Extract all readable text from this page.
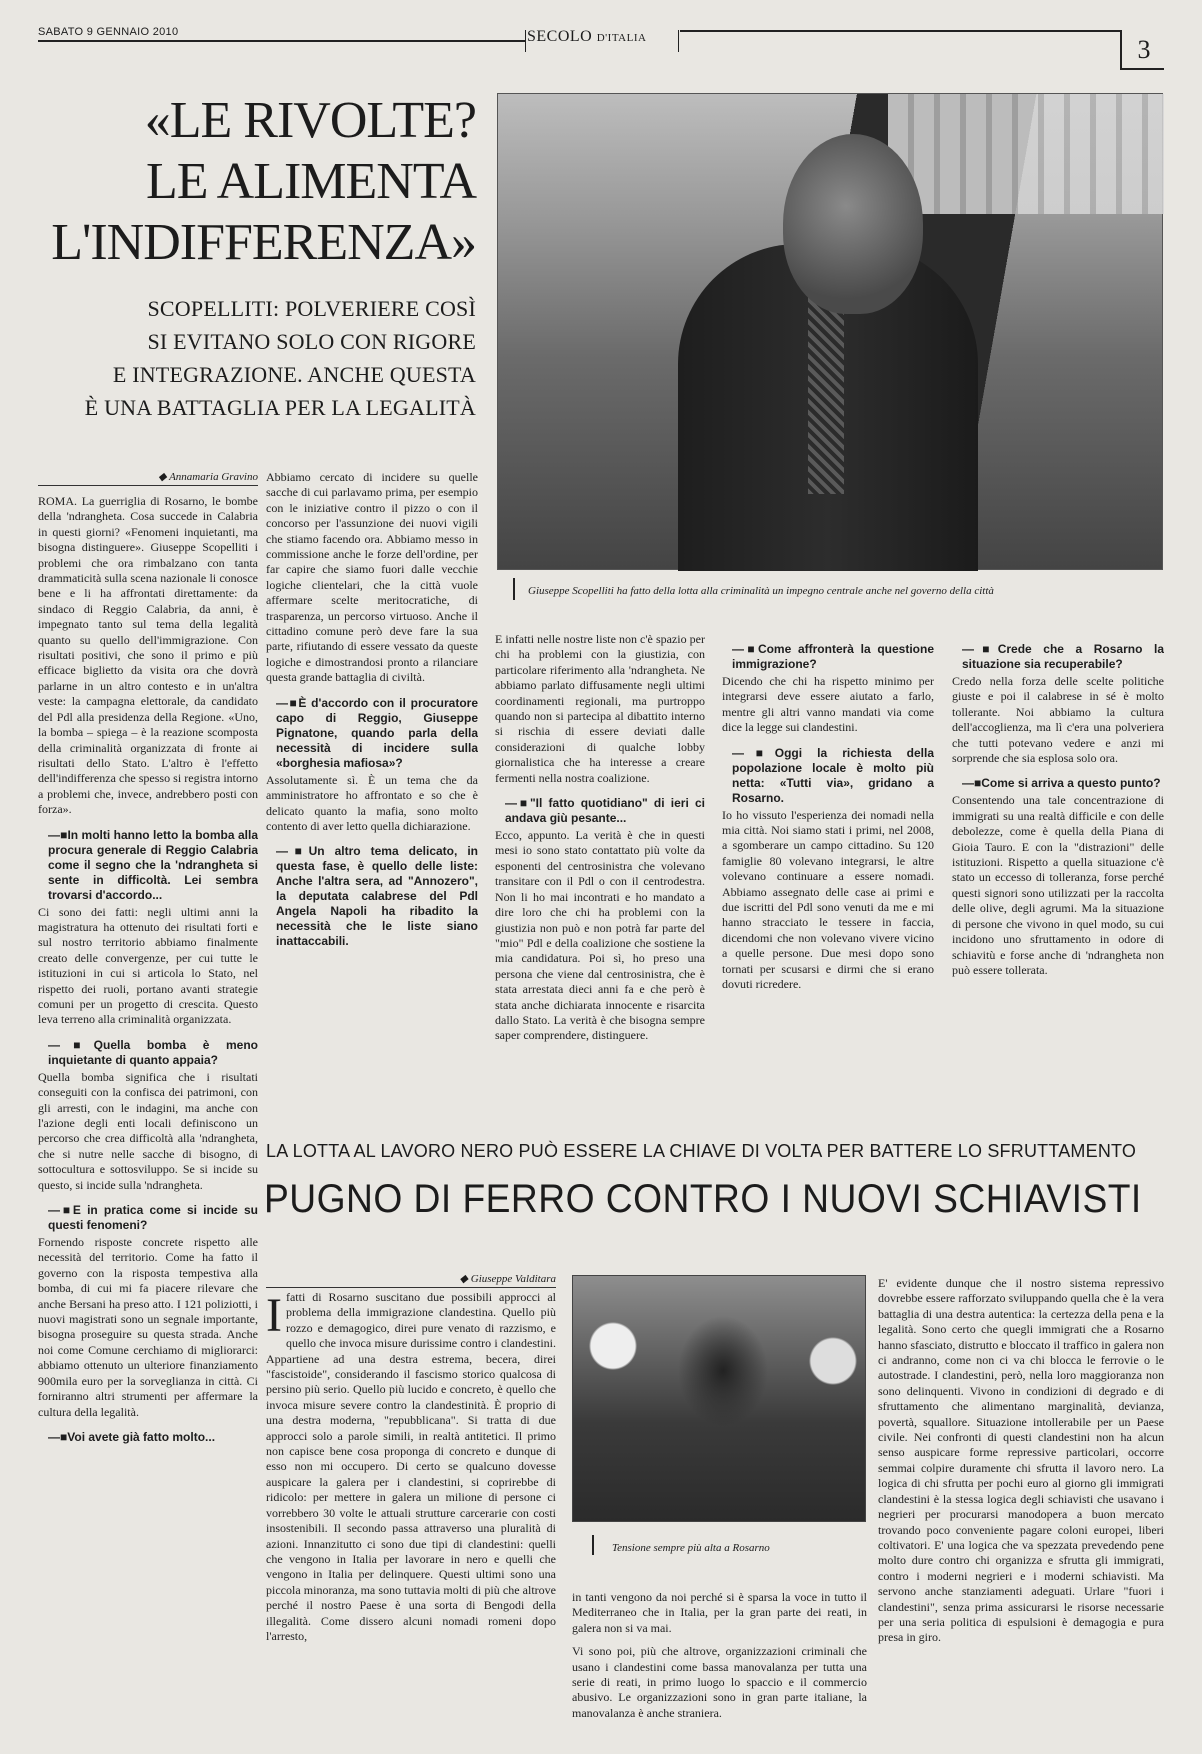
SABATO 9 GENNAIO 2010	SECOLO D'ITALIA	3
«LE RIVOLTE?
LE ALIMENTA
L'INDIFFERENZA»
SCOPELLITI: POLVERIERE COSÌ
SI EVITANO SOLO CON RIGORE
E INTEGRAZIONE. ANCHE QUESTA
È UNA BATTAGLIA PER LA LEGALITÀ
Giuseppe Scopelliti ha fatto della lotta alla criminalità un impegno centrale anche nel governo della città
◆ Annamaria Gravino

ROMA. La guerriglia di Rosarno, le bombe della 'ndrangheta. Cosa succede in Calabria in questi giorni? «Fenomeni inquietanti, ma bisogna distinguere». Giuseppe Scopelliti i problemi che ora rimbalzano con tanta drammaticità sulla scena nazionale li conosce bene e li ha affrontati direttamente: da sindaco di Reggio Calabria, da anni, è impegnato tanto sul tema della legalità quanto su quello dell'immigrazione. Con risultati positivi, che sono il primo e più efficace biglietto da visita ora che dovrà parlarne in un altro contesto e in un'altra veste: la campagna elettorale, da candidato del Pdl alla presidenza della Regione. «Uno, la bomba – spiega – è la reazione scomposta della criminalità organizzata di fronte ai risultati dello Stato. L'altro è l'effetto dell'indifferenza che spesso si registra intorno a problemi che, invece, andrebbero posti con forza».

—■ In molti hanno letto la bomba alla procura generale di Reggio Calabria come il segno che la 'ndrangheta si sente in difficoltà. Lei sembra trovarsi d'accordo...

Ci sono dei fatti: negli ultimi anni la magistratura ha ottenuto dei risultati forti e sul nostro territorio abbiamo finalmente creato delle convergenze, per cui tutte le istituzioni in cui si articola lo Stato, nel rispetto dei ruoli, portano avanti strategie comuni per un progetto di crescita. Questo leva terreno alla criminalità organizzata.

—■ Quella bomba è meno inquietante di quanto appaia?

Quella bomba significa che i risultati conseguiti con la confisca dei patrimoni, con gli arresti, con le indagini, ma anche con l'azione degli enti locali definiscono un percorso che crea difficoltà alla 'ndrangheta, che si nutre nelle sacche di bisogno, di sottocultura e sottosviluppo. Se si incide su questo, si incide sulla 'ndrangheta.

—■ E in pratica come si incide su questi fenomeni?

Fornendo risposte concrete rispetto alle necessità del territorio. Come ha fatto il governo con la risposta tempestiva alla bomba, di cui mi fa piacere rilevare che anche Bersani ha preso atto. I 121 poliziotti, i nuovi magistrati sono un segnale importante, bisogna proseguire su questa strada. Anche noi come Comune cerchiamo di migliorarci: abbiamo ottenuto un ulteriore finanziamento 900mila euro per la sorveglianza in città. Ci forniranno altri strumenti per affermare la cultura della legalità.

—■ Voi avete già fatto molto...

Abbiamo cercato di incidere su quelle sacche di cui parlavamo prima, per esempio con le iniziative contro il pizzo o con il concorso per l'assunzione dei nuovi vigili che stiamo facendo ora. Abbiamo messo in commissione anche le forze dell'ordine, per far capire che siamo fuori dalle vecchie logiche clientelari, che la città vuole affermare scelte meritocratiche, di trasparenza, un percorso virtuoso. Anche il cittadino comune però deve fare la sua parte, rifiutando di essere vessato da queste logiche e dimostrandosi pronto a rilanciare questa grande battaglia di civiltà.

—■ È d'accordo con il procuratore capo di Reggio, Giuseppe Pignatone, quando parla della necessità di incidere sulla «borghesia mafiosa»?

Assolutamente sì. È un tema che da amministratore ho affrontato e so che è delicato quanto la mafia, sono molto contento di aver letto quella dichiarazione.

—■ Un altro tema delicato, in questa fase, è quello delle liste: Anche l'altra sera, ad "Annozero", la deputata calabrese del Pdl Angela Napoli ha ribadito la necessità che le liste siano inattaccabili.

E infatti nelle nostre liste non c'è spazio per chi ha problemi con la giustizia, con particolare riferimento alla 'ndrangheta. Ne abbiamo parlato diffusamente negli ultimi coordinamenti regionali, ma purtroppo quando non si partecipa al dibattito interno si rischia di essere deviati dalle considerazioni di qualche lobby giornalistica che ha interesse a creare fermenti nella nostra coalizione.

—■ "Il fatto quotidiano" di ieri ci andava giù pesante...

Ecco, appunto. La verità è che in questi mesi io sono stato contattato più volte da esponenti del centrosinistra che volevano transitare con il Pdl o con il centrodestra. Non li ho mai incontrati e ho mandato a dire loro che chi ha problemi con la giustizia non può e non potrà far parte del "mio" Pdl e della coalizione che sostiene la mia candidatura. Poi sì, ho preso una persona che viene dal centrosinistra, che è stata arrestata dieci anni fa e che però è stata anche dichiarata innocente e risarcita dallo Stato. La verità è che bisogna sempre saper comprendere, distinguere.

—■ Come affronterà la questione immigrazione?

Dicendo che chi ha rispetto minimo per integrarsi deve essere aiutato a farlo, mentre gli altri vanno mandati via come dice la legge sui clandestini.

—■ Oggi la richiesta della popolazione locale è molto più netta: «Tutti via», gridano a Rosarno.

Io ho vissuto l'esperienza dei nomadi nella mia città. Noi siamo stati i primi, nel 2008, a sgomberare un campo cittadino. Su 120 famiglie 80 volevano integrarsi, le altre volevano continuare a essere nomadi. Abbiamo assegnato delle case ai primi e due iscritti del Pdl sono venuti da me e mi hanno stracciato le tessere in faccia, dicendomi che non volevano vivere vicino a quelle persone. Due mesi dopo sono tornati per scusarsi e dirmi che si erano dovuti ricredere.

—■ Crede che a Rosarno la situazione sia recuperabile?

Credo nella forza delle scelte politiche giuste e poi il calabrese in sé è molto tollerante. Noi abbiamo la cultura dell'accoglienza, ma lì c'era una polveriera che tutti potevano vedere e anzi mi sorprende che sia esplosa solo ora.

—■ Come si arriva a questo punto?

Consentendo una tale concentrazione di immigrati su una realtà difficile e con delle debolezze, come è quella della Piana di Gioia Tauro. E con la "distrazioni" delle istituzioni. Rispetto a quella situazione c'è stato un eccesso di tolleranza, forse perché questi signori sono utilizzati per la raccolta delle olive, degli agrumi. Ma la situazione di persone che vivono in quel modo, su cui incidono uno sfruttamento in odore di schiavitù e forse anche di 'ndrangheta non può essere tollerata.

LA LOTTA AL LAVORO NERO PUÒ ESSERE LA CHIAVE DI VOLTA PER BATTERE LO SFRUTTAMENTO
PUGNO DI FERRO CONTRO I NUOVI SCHIAVISTI
◆ Giuseppe Valditara

Ifatti di Rosarno suscitano due possibili approcci al problema della immigrazione clandestina. Quello più rozzo e demagogico, direi pure venato di razzismo, e quello che invoca misure durissime contro i clandestini. Appartiene ad una destra estrema, becera, direi "fascistoide", considerando il fascismo storico qualcosa di persino più serio. Quello più lucido e concreto, è quello che invoca misure severe contro la clandestinità. È proprio di una destra moderna, "repubblicana". Si tratta di due approcci solo a parole simili, in realtà antitetici. Il primo non capisce bene cosa proponga di concreto e dunque di esso non mi occupero. Di certo se qualcuno dovesse auspicare la galera per i clandestini, si coprirebbe di ridicolo: per mettere in galera un milione di persone ci vorrebbero 30 volte le attuali strutture carcerarie con costi insostenibili. Il secondo passa attraverso una pluralità di azioni. Innanzitutto ci sono due tipi di clandestini: quelli che vengono in Italia per lavorare in nero e quelli che vengono in Italia per delinquere. Questi ultimi sono una piccola minoranza, ma sono tuttavia molti di più che altrove perché il nostro Paese è una sorta di Bengodi della illegalità. Come dissero alcuni nomadi romeni dopo l'arresto,

Tensione sempre più alta a Rosarno

in tanti vengono da noi perché si è sparsa la voce in tutto il Mediterraneo che in Italia, per la gran parte dei reati, in galera non si va mai.

Vi sono poi, più che altrove, organizzazioni criminali che usano i clandestini come bassa manovalanza per tutta una serie di reati, in primo luogo lo spaccio e il commercio abusivo. Le organizzazioni sono in gran parte italiane, la manovalanza è anche straniera.

E' evidente dunque che il nostro sistema repressivo dovrebbe essere rafforzato sviluppando quella che è la vera battaglia di una destra autentica: la certezza della pena e la legalità. Sono certo che quegli immigrati che a Rosarno hanno sfasciato, distrutto e bloccato il traffico in galera non ci andranno, come non ci va chi blocca le ferrovie o le autostrade. I clandestini, però, nella loro maggioranza non sono delinquenti. Vivono in condizioni di degrado e di sfruttamento che alimentano marginalità, devianza, povertà, squallore. Situazione intollerabile per un Paese civile. Nei confronti di questi clandestini non ha alcun senso auspicare forme repressive particolari, occorre semmai colpire duramente chi sfrutta il lavoro nero. La logica di chi sfrutta per pochi euro al giorno gli immigrati clandestini è la stessa logica degli schiavisti che usavano i negrieri per procurarsi manodopera a buon mercato trovando poco conveniente pagare coloni europei, liberi coltivatori. E' una logica che va spezzata prevedendo pene molto dure contro chi organizza e sfrutta gli immigrati, contro i moderni negrieri e i moderni schiavisti. Ma servono anche stanziamenti adeguati. Urlare "fuori i clandestini", senza prima assicurarsi le risorse necessarie per una seria politica di espulsioni è demagogia e pura presa in giro.
